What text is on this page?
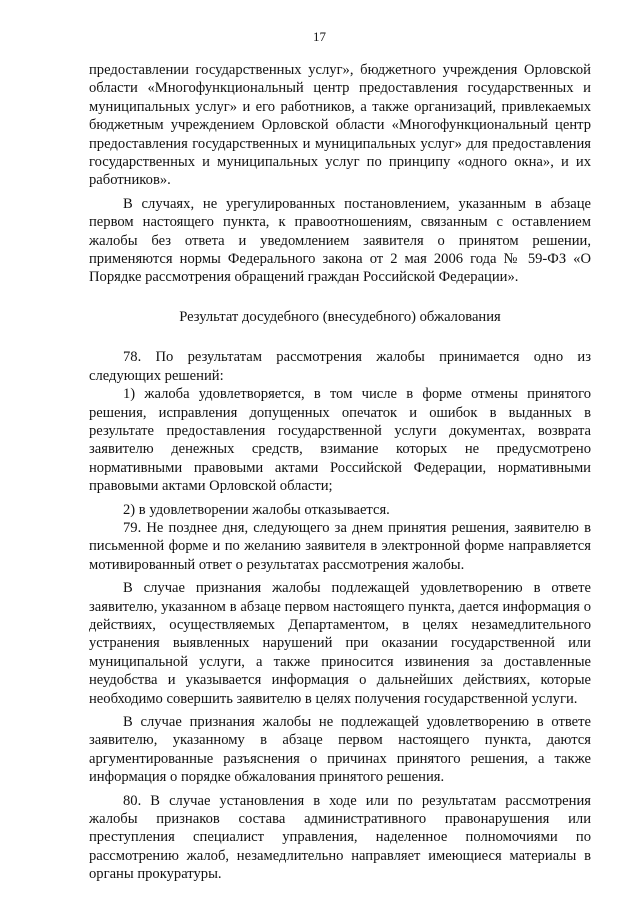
17

предоставлении государственных услуг», бюджетного учреждения Орловской области «Многофункциональный центр предоставления государственных и муниципальных услуг» и его работников, а также организаций, привлекаемых бюджетным учреждением Орловской области «Многофункциональный центр предоставления государственных и муниципальных услуг» для предоставления государственных и муниципальных услуг по принципу «одного окна», и их работников».

В случаях, не урегулированных постановлением, указанным в абзаце первом настоящего пункта, к правоотношениям, связанным с оставлением жалобы без ответа и уведомлением заявителя о принятом решении, применяются нормы Федерального закона от 2 мая 2006 года № 59-ФЗ «О Порядке рассмотрения обращений граждан Российской Федерации».

Результат досудебного (внесудебного) обжалования

78. По результатам рассмотрения жалобы принимается одно из следующих решений:

1) жалоба удовлетворяется, в том числе в форме отмены принятого решения, исправления допущенных опечаток и ошибок в выданных в результате предоставления государственной услуги документах, возврата заявителю денежных средств, взимание которых не предусмотрено нормативными правовыми актами Российской Федерации, нормативными правовыми актами Орловской области;

2) в удовлетворении жалобы отказывается.

79. Не позднее дня, следующего за днем принятия решения, заявителю в письменной форме и по желанию заявителя в электронной форме направляется мотивированный ответ о результатах рассмотрения жалобы.

В случае признания жалобы подлежащей удовлетворению в ответе заявителю, указанном в абзаце первом настоящего пункта, дается информация о действиях, осуществляемых Департаментом, в целях незамедлительного устранения выявленных нарушений при оказании государственной или муниципальной услуги, а также приносится извинения за доставленные неудобства и указывается информация о дальнейших действиях, которые необходимо совершить заявителю в целях получения государственной услуги.

В случае признания жалобы не подлежащей удовлетворению в ответе заявителю, указанному в абзаце первом настоящего пункта, даются аргументированные разъяснения о причинах принятого решения, а также информация о порядке обжалования принятого решения.

80. В случае установления в ходе или по результатам рассмотрения жалобы признаков состава административного правонарушения или преступления специалист управления, наделенное полномочиями по рассмотрению жалоб, незамедлительно направляет имеющиеся материалы в органы прокуратуры.
